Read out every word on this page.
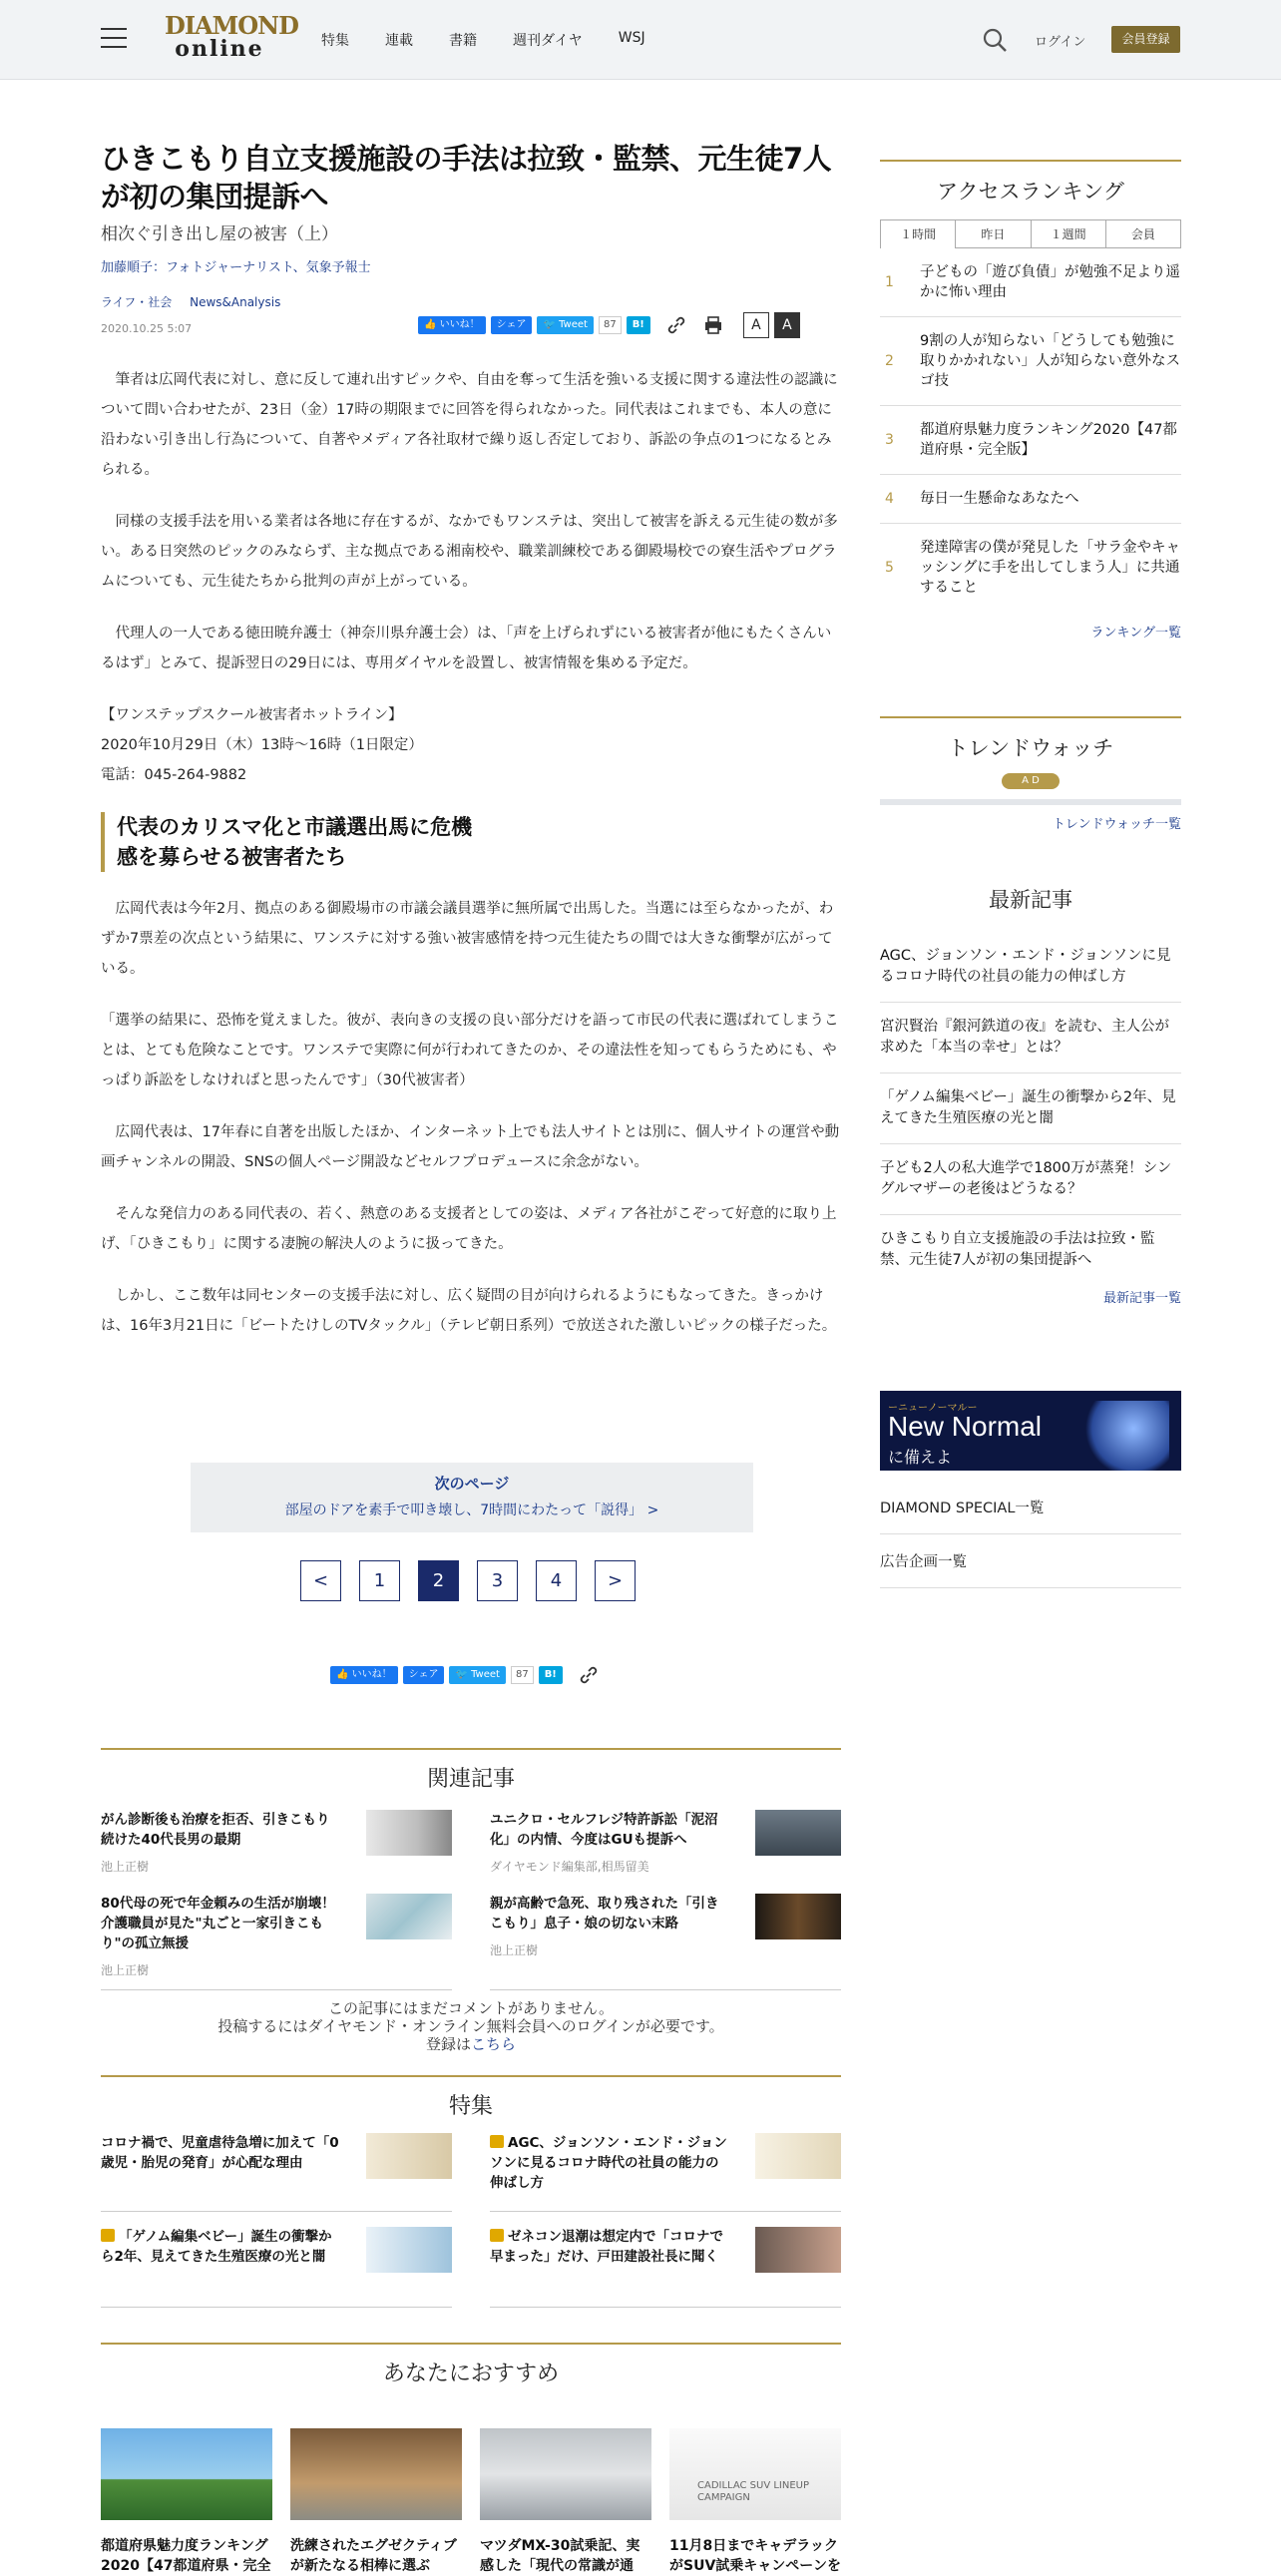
DIAMOND
online	特集	連載	書籍	週刊ダイヤ	WSJ	ログイン	会員登録
ひきこもり自立支援施設の手法は拉致・監禁、元生徒7人が初の集団提訴へ
相次ぐ引き出し屋の被害（上）
加藤順子：フォトジャーナリスト、気象予報士
ライフ・社会 News&Analysis
2020.10.25 5:07	👍 いいね！	シェア	🐦 Tweet	87	B!	A	A

筆者は広岡代表に対し、意に反して連れ出すピックや、自由を奪って生活を強いる支援に関する違法性の認識について問い合わせたが、23日（金）17時の期限までに回答を得られなかった。同代表はこれまでも、本人の意に沿わない引き出し行為について、自著やメディア各社取材で繰り返し否定しており、訴訟の争点の1つになるとみられる。

同様の支援手法を用いる業者は各地に存在するが、なかでもワンステは、突出して被害を訴える元生徒の数が多い。ある日突然のピックのみならず、主な拠点である湘南校や、職業訓練校である御殿場校での寮生活やプログラムについても、元生徒たちから批判の声が上がっている。

代理人の一人である徳田暁弁護士（神奈川県弁護士会）は、「声を上げられずにいる被害者が他にもたくさんいるはず」とみて、提訴翌日の29日には、専用ダイヤルを設置し、被害情報を集める予定だ。

【ワンステップスクール被害者ホットライン】

2020年10月29日（木）13時〜16時（1日限定）

電話：045-264-9882

代表のカリスマ化と市議選出馬に危機感を募らせる被害者たち

広岡代表は今年2月、拠点のある御殿場市の市議会議員選挙に無所属で出馬した。当選には至らなかったが、わずか7票差の次点という結果に、ワンステに対する強い被害感情を持つ元生徒たちの間では大きな衝撃が広がっている。

「選挙の結果に、恐怖を覚えました。彼が、表向きの支援の良い部分だけを語って市民の代表に選ばれてしまうことは、とても危険なことです。ワンステで実際に何が行われてきたのか、その違法性を知ってもらうためにも、やっぱり訴訟をしなければと思ったんです」（30代被害者）

広岡代表は、17年春に自著を出版したほか、インターネット上でも法人サイトとは別に、個人サイトの運営や動画チャンネルの開設、SNSの個人ページ開設などセルフプロデュースに余念がない。

そんな発信力のある同代表の、若く、熱意のある支援者としての姿は、メディア各社がこぞって好意的に取り上げ、「ひきこもり」に関する凄腕の解決人のように扱ってきた。

しかし、ここ数年は同センターの支援手法に対し、広く疑問の目が向けられるようにもなってきた。きっかけは、16年3月21日に「ビートたけしのTVタックル」（テレビ朝日系列）で放送された激しいピックの様子だった。

次のページ
部屋のドアを素手で叩き壊し、7時間にわたって「説得」 >
<	1	2	3	4	>
👍 いいね！	シェア	🐦 Tweet	87	B!
関連記事
がん診断後も治療を拒否、引きこもり続けた40代長男の最期
池上正樹
ユニクロ・セルフレジ特許訴訟「泥沼化」の内情、今度はGUも提訴へ
ダイヤモンド編集部,相馬留美
80代母の死で年金頼みの生活が崩壊！介護職員が見た"丸ごと一家引きこもり"の孤立無援
池上正樹
親が高齢で急死、取り残された「引きこもり」息子・娘の切ない末路
池上正樹
この記事にはまだコメントがありません。
投稿するにはダイヤモンド・オンライン無料会員へのログインが必要です。
登録はこちら
特集
コロナ禍で、児童虐待急増に加えて「0歳児・胎児の発育」が心配な理由
AGC、ジョンソン・エンド・ジョンソンに見るコロナ時代の社員の能力の伸ばし方
「ゲノム編集ベビー」誕生の衝撃から2年、見えてきた生殖医療の光と闇
ゼネコン退潮は想定内で「コロナで早まった」だけ、戸田建設社長に聞く
あなたにおすすめ
都道府県魅力度ランキング2020【47都道府県・完全
洗練されたエグゼクティブが新たなる相棒に選ぶ
マツダMX-30試乗記、実感した「現代の常識が通
CADILLAC SUV LINEUP CAMPAIGN
11月8日までキャデラックがSUV試乗キャンペーンを
アクセスランキング
１時間	昨日	１週間	会員
1
子どもの「遊び負債」が勉強不足より遥かに怖い理由
2
9割の人が知らない「どうしても勉強に取りかかれない」人が知らない意外なスゴ技
3
都道府県魅力度ランキング2020【47都道府県・完全版】
4 毎日一生懸命なあなたへ
5
発達障害の僕が発見した「サラ金やキャッシングに手を出してしまう人」に共通すること
ランキング一覧
トレンドウォッチ
A D
トレンドウォッチ一覧
最新記事
AGC、ジョンソン・エンド・ジョンソンに見るコロナ時代の社員の能力の伸ばし方
宮沢賢治『銀河鉄道の夜』を読む、主人公が求めた「本当の幸せ」とは？
「ゲノム編集ベビー」誕生の衝撃から2年、見えてきた生殖医療の光と闇
子ども2人の私大進学で1800万が蒸発！シングルマザーの老後はどうなる？
ひきこもり自立支援施設の手法は拉致・監禁、元生徒7人が初の集団提訴へ
最新記事一覧
ーニューノーマルー
New Normal
に備えよ
DIAMOND SPECIAL一覧
広告企画一覧
